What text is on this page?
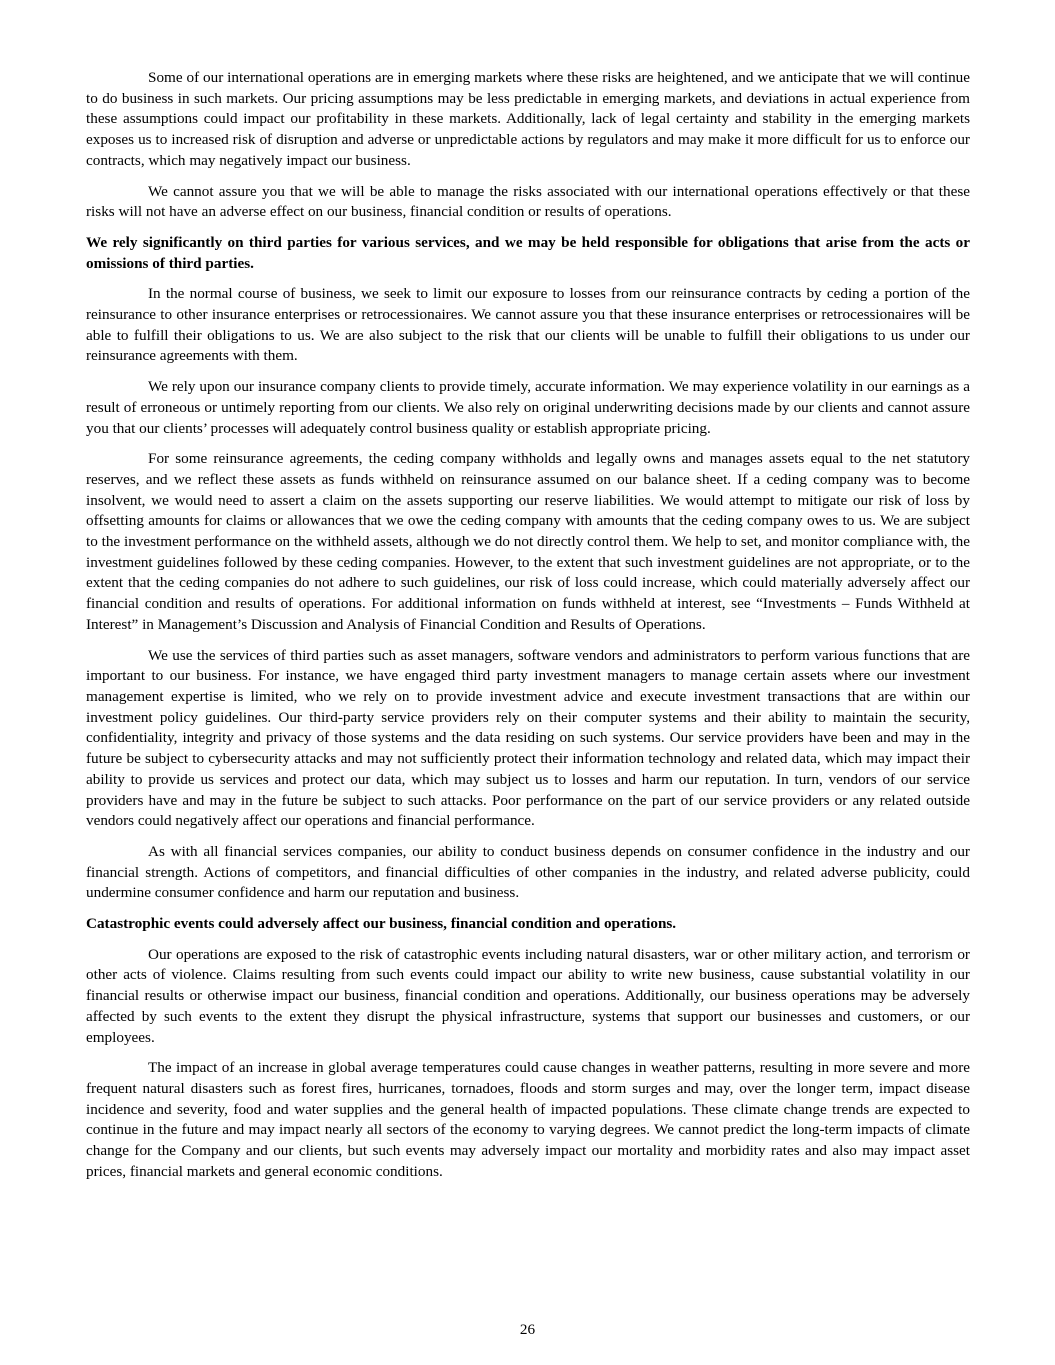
Some of our international operations are in emerging markets where these risks are heightened, and we anticipate that we will continue to do business in such markets. Our pricing assumptions may be less predictable in emerging markets, and deviations in actual experience from these assumptions could impact our profitability in these markets. Additionally, lack of legal certainty and stability in the emerging markets exposes us to increased risk of disruption and adverse or unpredictable actions by regulators and may make it more difficult for us to enforce our contracts, which may negatively impact our business.

We cannot assure you that we will be able to manage the risks associated with our international operations effectively or that these risks will not have an adverse effect on our business, financial condition or results of operations.

We rely significantly on third parties for various services, and we may be held responsible for obligations that arise from the acts or omissions of third parties.

In the normal course of business, we seek to limit our exposure to losses from our reinsurance contracts by ceding a portion of the reinsurance to other insurance enterprises or retrocessionaires. We cannot assure you that these insurance enterprises or retrocessionaires will be able to fulfill their obligations to us. We are also subject to the risk that our clients will be unable to fulfill their obligations to us under our reinsurance agreements with them.

We rely upon our insurance company clients to provide timely, accurate information. We may experience volatility in our earnings as a result of erroneous or untimely reporting from our clients. We also rely on original underwriting decisions made by our clients and cannot assure you that our clients’ processes will adequately control business quality or establish appropriate pricing.

For some reinsurance agreements, the ceding company withholds and legally owns and manages assets equal to the net statutory reserves, and we reflect these assets as funds withheld on reinsurance assumed on our balance sheet. If a ceding company was to become insolvent, we would need to assert a claim on the assets supporting our reserve liabilities. We would attempt to mitigate our risk of loss by offsetting amounts for claims or allowances that we owe the ceding company with amounts that the ceding company owes to us. We are subject to the investment performance on the withheld assets, although we do not directly control them. We help to set, and monitor compliance with, the investment guidelines followed by these ceding companies. However, to the extent that such investment guidelines are not appropriate, or to the extent that the ceding companies do not adhere to such guidelines, our risk of loss could increase, which could materially adversely affect our financial condition and results of operations. For additional information on funds withheld at interest, see “Investments – Funds Withheld at Interest” in Management’s Discussion and Analysis of Financial Condition and Results of Operations.

We use the services of third parties such as asset managers, software vendors and administrators to perform various functions that are important to our business. For instance, we have engaged third party investment managers to manage certain assets where our investment management expertise is limited, who we rely on to provide investment advice and execute investment transactions that are within our investment policy guidelines. Our third-party service providers rely on their computer systems and their ability to maintain the security, confidentiality, integrity and privacy of those systems and the data residing on such systems. Our service providers have been and may in the future be subject to cybersecurity attacks and may not sufficiently protect their information technology and related data, which may impact their ability to provide us services and protect our data, which may subject us to losses and harm our reputation. In turn, vendors of our service providers have and may in the future be subject to such attacks. Poor performance on the part of our service providers or any related outside vendors could negatively affect our operations and financial performance.

As with all financial services companies, our ability to conduct business depends on consumer confidence in the industry and our financial strength. Actions of competitors, and financial difficulties of other companies in the industry, and related adverse publicity, could undermine consumer confidence and harm our reputation and business.

Catastrophic events could adversely affect our business, financial condition and operations.

Our operations are exposed to the risk of catastrophic events including natural disasters, war or other military action, and terrorism or other acts of violence. Claims resulting from such events could impact our ability to write new business, cause substantial volatility in our financial results or otherwise impact our business, financial condition and operations. Additionally, our business operations may be adversely affected by such events to the extent they disrupt the physical infrastructure, systems that support our businesses and customers, or our employees.

The impact of an increase in global average temperatures could cause changes in weather patterns, resulting in more severe and more frequent natural disasters such as forest fires, hurricanes, tornadoes, floods and storm surges and may, over the longer term, impact disease incidence and severity, food and water supplies and the general health of impacted populations. These climate change trends are expected to continue in the future and may impact nearly all sectors of the economy to varying degrees. We cannot predict the long-term impacts of climate change for the Company and our clients, but such events may adversely impact our mortality and morbidity rates and also may impact asset prices, financial markets and general economic conditions.

26
